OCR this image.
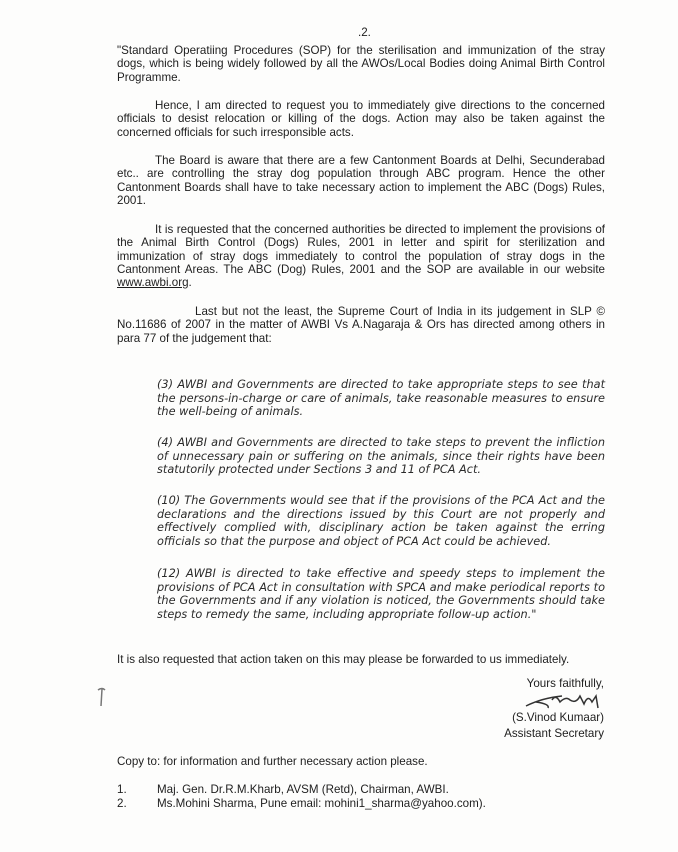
.2.

"Standard Operatiing Procedures (SOP) for the sterilisation and immunization of the stray dogs, which is being widely followed by all the AWOs/Local Bodies doing Animal Birth Control Programme.

Hence, I am directed to request you to immediately give directions to the concerned officials to desist relocation or killing of the dogs. Action may also be taken against the concerned officials for such irresponsible acts.

The Board is aware that there are a few Cantonment Boards at Delhi, Secunderabad etc.. are controlling the stray dog population through ABC program. Hence the other Cantonment Boards shall have to take necessary action to implement the ABC (Dogs) Rules, 2001.

It is requested that the concerned authorities be directed to implement the provisions of the Animal Birth Control (Dogs) Rules, 2001 in letter and spirit for sterilization and immunization of stray dogs immediately to control the population of stray dogs in the Cantonment Areas. The ABC (Dog) Rules, 2001 and the SOP are available in our website www.awbi.org.

Last but not the least, the Supreme Court of India in its judgement in SLP © No.11686 of 2007 in the matter of AWBI Vs A.Nagaraja & Ors has directed among others in para 77 of the judgement that:

(3) AWBI and Governments are directed to take appropriate steps to see that the persons-in-charge or care of animals, take reasonable measures to ensure the well-being of animals.

(4) AWBI and Governments are directed to take steps to prevent the infliction of unnecessary pain or suffering on the animals, since their rights have been statutorily protected under Sections 3 and 11 of PCA Act.

(10) The Governments would see that if the provisions of the PCA Act and the declarations and the directions issued by this Court are not properly and effectively complied with, disciplinary action be taken against the erring officials so that the purpose and object of PCA Act could be achieved.

(12) AWBI is directed to take effective and speedy steps to implement the provisions of PCA Act in consultation with SPCA and make periodical reports to the Governments and if any violation is noticed, the Governments should take steps to remedy the same, including appropriate follow-up action."

It is also requested that action taken on this may please be forwarded to us immediately.
Yours faithfully,
(S.Vinod Kumaar)
Assistant Secretary
Copy to: for information and further necessary action please.
1.	Maj. Gen. Dr.R.M.Kharb, AVSM (Retd), Chairman, AWBI.
2.	Ms.Mohini Sharma, Pune email: mohini1_sharma@yahoo.com).
